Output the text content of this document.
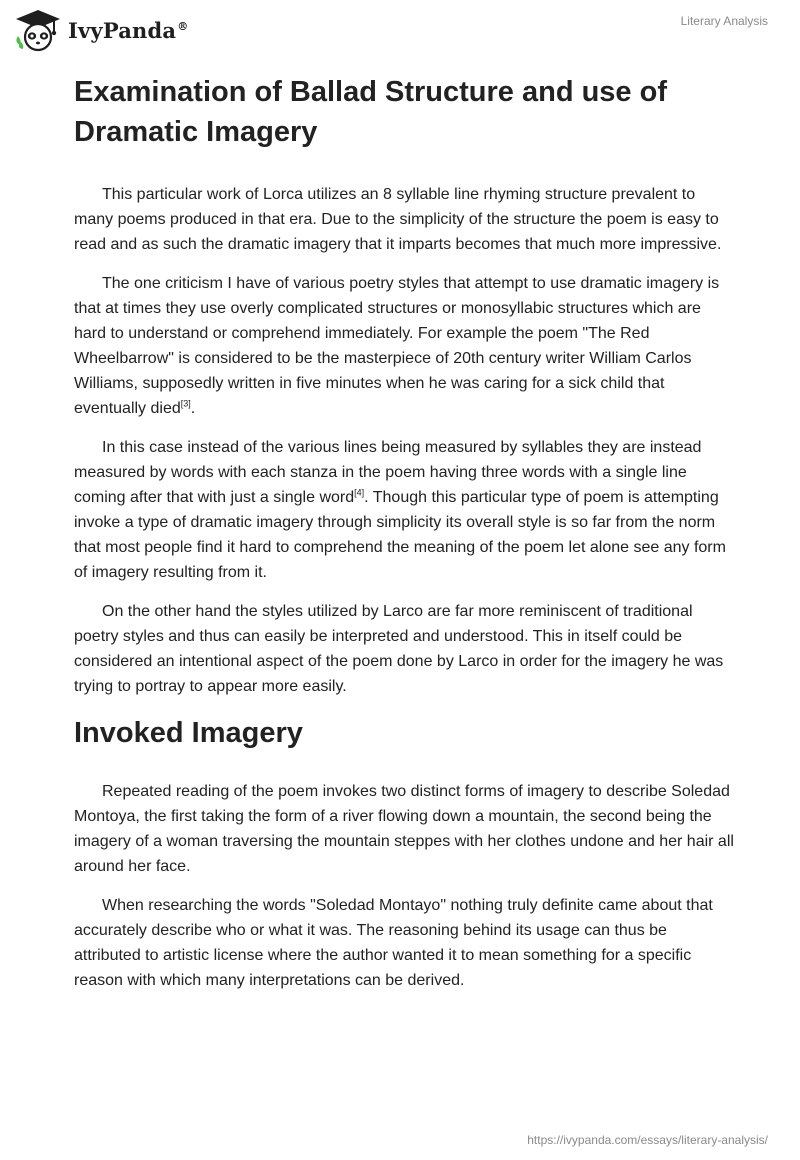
IvyPanda®	Literary Analysis
Examination of Ballad Structure and use of Dramatic Imagery

This particular work of Lorca utilizes an 8 syllable line rhyming structure prevalent to many poems produced in that era. Due to the simplicity of the structure the poem is easy to read and as such the dramatic imagery that it imparts becomes that much more impressive.

The one criticism I have of various poetry styles that attempt to use dramatic imagery is that at times they use overly complicated structures or monosyllabic structures which are hard to understand or comprehend immediately. For example the poem "The Red Wheelbarrow" is considered to be the masterpiece of 20th century writer William Carlos Williams, supposedly written in five minutes when he was caring for a sick child that eventually died[3].

In this case instead of the various lines being measured by syllables they are instead measured by words with each stanza in the poem having three words with a single line coming after that with just a single word[4]. Though this particular type of poem is attempting invoke a type of dramatic imagery through simplicity its overall style is so far from the norm that most people find it hard to comprehend the meaning of the poem let alone see any form of imagery resulting from it.

On the other hand the styles utilized by Larco are far more reminiscent of traditional poetry styles and thus can easily be interpreted and understood. This in itself could be considered an intentional aspect of the poem done by Larco in order for the imagery he was trying to portray to appear more easily.

Invoked Imagery

Repeated reading of the poem invokes two distinct forms of imagery to describe Soledad Montoya, the first taking the form of a river flowing down a mountain, the second being the imagery of a woman traversing the mountain steppes with her clothes undone and her hair all around her face.

When researching the words "Soledad Montayo" nothing truly definite came about that accurately describe who or what it was. The reasoning behind its usage can thus be attributed to artistic license where the author wanted it to mean something for a specific reason with which many interpretations can be derived.

https://ivypanda.com/essays/literary-analysis/
